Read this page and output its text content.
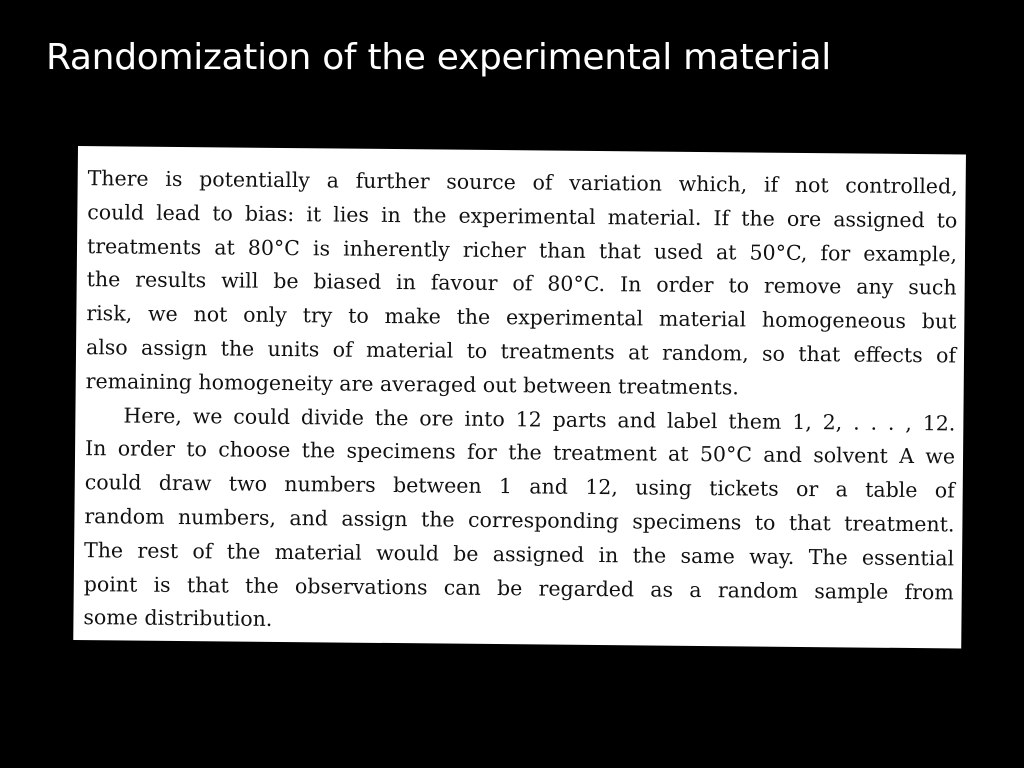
Randomization of the experimental material

There is potentially a further source of variation which, if not controlled,
could lead to bias: it lies in the experimental material. If the ore assigned to
treatments at 80°C is inherently richer than that used at 50°C, for example,
the results will be biased in favour of 80°C. In order to remove any such
risk, we not only try to make the experimental material homogeneous but
also assign the units of material to treatments at random, so that effects of
remaining homogeneity are averaged out between treatments.

Here, we could divide the ore into 12 parts and label them 1, 2, . . . , 12.
In order to choose the specimens for the treatment at 50°C and solvent A we
could draw two numbers between 1 and 12, using tickets or a table of
random numbers, and assign the corresponding specimens to that treatment.
The rest of the material would be assigned in the same way. The essential
point is that the observations can be regarded as a random sample from
some distribution.
